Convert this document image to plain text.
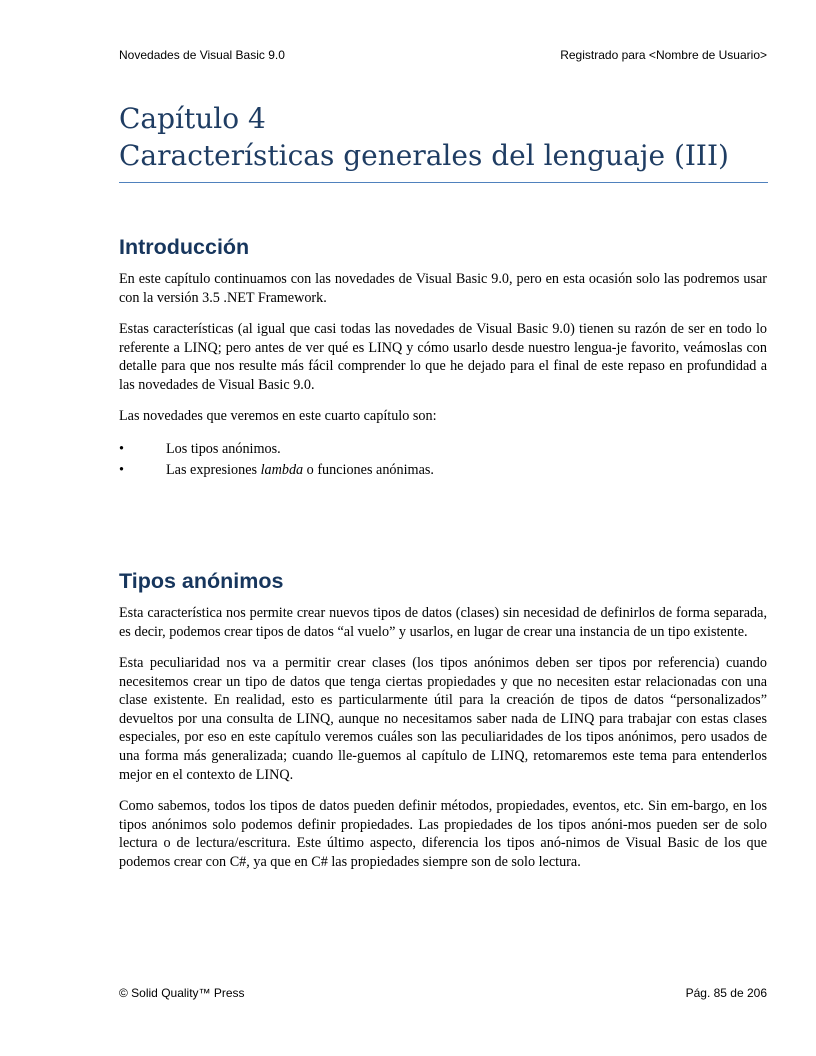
Novedades de Visual Basic 9.0	Registrado para <Nombre de Usuario>
Capítulo 4
Características generales del lenguaje (III)
Introducción

En este capítulo continuamos con las novedades de Visual Basic 9.0, pero en esta ocasión solo las podremos usar con la versión 3.5 .NET Framework.

Estas características (al igual que casi todas las novedades de Visual Basic 9.0) tienen su razón de ser en todo lo referente a LINQ; pero antes de ver qué es LINQ y cómo usarlo desde nuestro lengua-je favorito, veámoslas con detalle para que nos resulte más fácil comprender lo que he dejado para el final de este repaso en profundidad a las novedades de Visual Basic 9.0.

Las novedades que veremos en este cuarto capítulo son:

•	Los tipos anónimos.
•	Las expresiones lambda o funciones anónimas.
Tipos anónimos

Esta característica nos permite crear nuevos tipos de datos (clases) sin necesidad de definirlos de forma separada, es decir, podemos crear tipos de datos “al vuelo” y usarlos, en lugar de crear una instancia de un tipo existente.

Esta peculiaridad nos va a permitir crear clases (los tipos anónimos deben ser tipos por referencia) cuando necesitemos crear un tipo de datos que tenga ciertas propiedades y que no necesiten estar relacionadas con una clase existente. En realidad, esto es particularmente útil para la creación de tipos de datos “personalizados” devueltos por una consulta de LINQ, aunque no necesitamos saber nada de LINQ para trabajar con estas clases especiales, por eso en este capítulo veremos cuáles son las peculiaridades de los tipos anónimos, pero usados de una forma más generalizada; cuando lle-guemos al capítulo de LINQ, retomaremos este tema para entenderlos mejor en el contexto de LINQ.

Como sabemos, todos los tipos de datos pueden definir métodos, propiedades, eventos, etc. Sin em-bargo, en los tipos anónimos solo podemos definir propiedades. Las propiedades de los tipos anóni-mos pueden ser de solo lectura o de lectura/escritura. Este último aspecto, diferencia los tipos anó-nimos de Visual Basic de los que podemos crear con C#, ya que en C# las propiedades siempre son de solo lectura.

© Solid Quality™ Press	Pág. 85 de 206
